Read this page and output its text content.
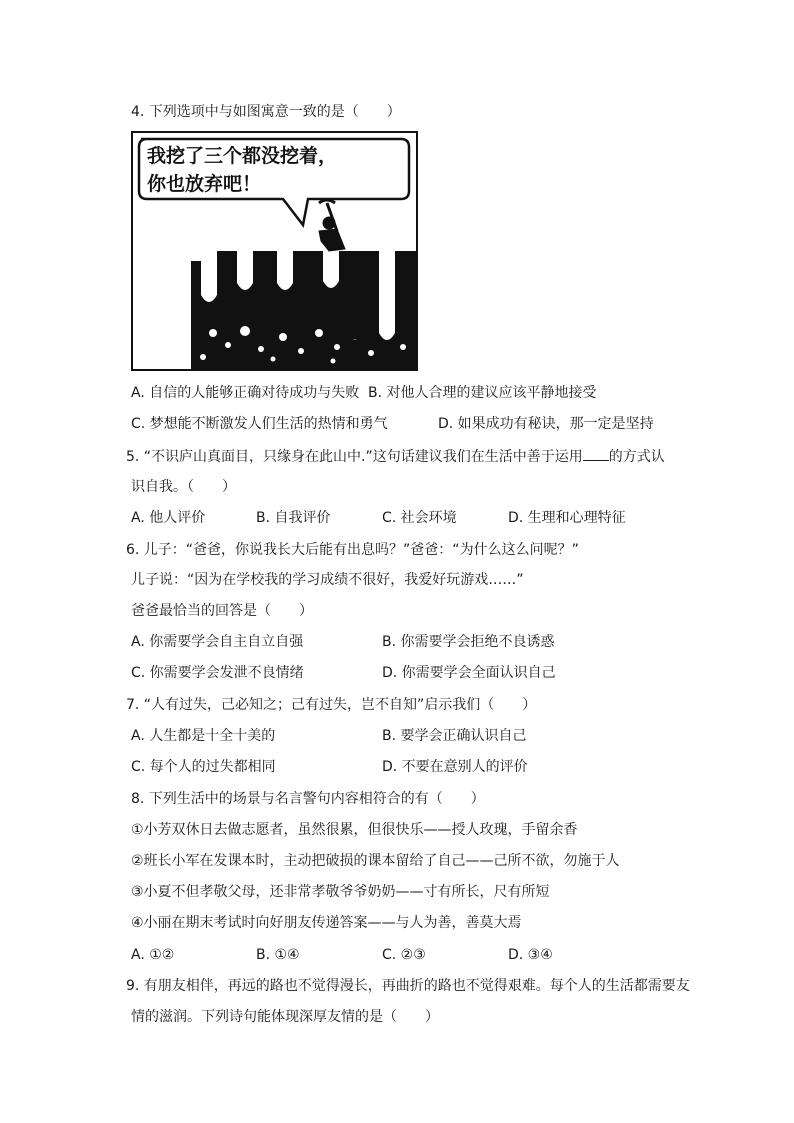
4. 下列选项中与如图寓意一致的是（　　）
我挖了三个都没挖着，
你也放弃吧！
A. 自信的人能够正确对待成功与失败 B. 对他人合理的建议应该平静地接受
C. 梦想能不断激发人们生活的热情和勇气	D. 如果成功有秘诀，那一定是坚持
5. “不识庐山真面目，只缘身在此山中.”这句话建议我们在生活中善于运用 的方式认
识自我。（　　）
A. 他人评价	B. 自我评价	C. 社会环境	D. 生理和心理特征
6. 儿子：“爸爸，你说我长大后能有出息吗？”爸爸：“为什么这么问呢？”
儿子说：“因为在学校我的学习成绩不很好，我爱好玩游戏……”
爸爸最恰当的回答是（　　）
A. 你需要学会自主自立自强	B. 你需要学会拒绝不良诱惑
C. 你需要学会发泄不良情绪	D. 你需要学会全面认识自己
7. “人有过失，己必知之；己有过失，岂不自知”启示我们（　　）
A. 人生都是十全十美的	B. 要学会正确认识自己
C. 每个人的过失都相同	D. 不要在意别人的评价
8. 下列生活中的场景与名言警句内容相符合的有（　　）
①小芳双休日去做志愿者，虽然很累，但很快乐——授人玫瑰，手留余香
②班长小军在发课本时，主动把破损的课本留给了自己——己所不欲，勿施于人
③小夏不但孝敬父母，还非常孝敬爷爷奶奶——寸有所长，尺有所短
④小丽在期末考试时向好朋友传递答案——与人为善，善莫大焉
A. ①②	B. ①④	C. ②③	D. ③④
9. 有朋友相伴，再远的路也不觉得漫长，再曲折的路也不觉得艰难。每个人的生活都需要友
情的滋润。下列诗句能体现深厚友情的是（　　）
